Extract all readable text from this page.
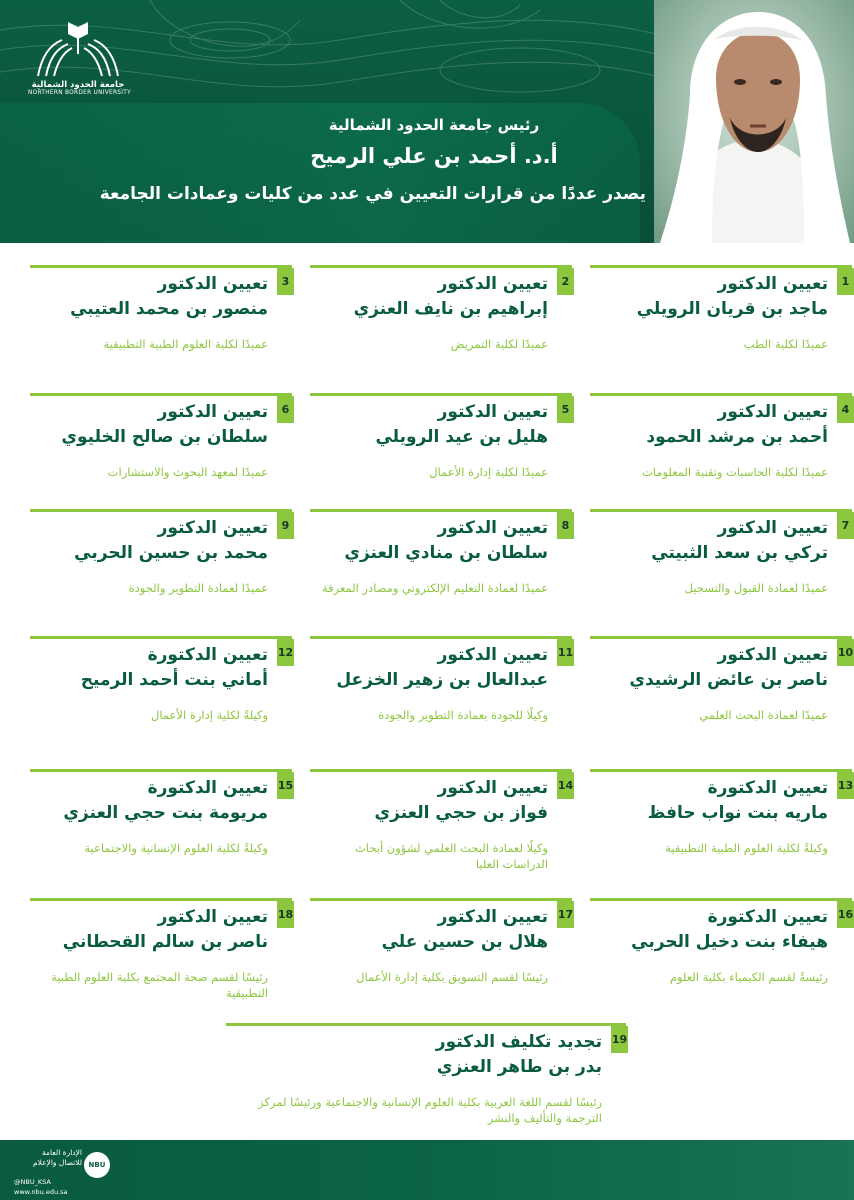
جامعة الحدود الشمالية
NORTHERN BORDER UNIVERSITY
رئيس جامعة الحدود الشمالية
أ.د. أحمد بن علي الرميح
يصدر عددًا من قرارات التعيين في عدد من كليات وعمادات الجامعة
1
تعيين الدكتور
ماجد بن قريان الرويلي
عميدًا لكلية الطب
2
تعيين الدكتور
إبراهيم بن نايف العنزي
عميدًا لكلية التمريض
3
تعيين الدكتور
منصور بن محمد العتيبي
عميدًا لكلية العلوم الطبية التطبيقية
4
تعيين الدكتور
أحمد بن مرشد الحمود
عميدًا لكلية الحاسبات وتقنية المعلومات
5
تعيين الدكتور
هليل بن عيد الرويلي
عميدًا لكلية إدارة الأعمال
6
تعيين الدكتور
سلطان بن صالح الخليوي
عميدًا لمعهد البحوث والاستشارات
7
تعيين الدكتور
تركي بن سعد الثبيتي
عميدًا لعمادة القبول والتسجيل
8
تعيين الدكتور
سلطان بن منادي العنزي
عميدًا لعمادة التعليم الإلكتروني ومصادر المعرفة
9
تعيين الدكتور
محمد بن حسين الحربي
عميدًا لعمادة التطوير والجودة
10
تعيين الدكتور
ناصر بن عائض الرشيدي
عميدًا لعمادة البحث العلمي
11
تعيين الدكتور
عبدالعال بن زهير الخزعل
وكيلًا للجودة بعمادة التطوير والجودة
12
تعيين الدكتورة
أماني بنت أحمد الرميح
وكيلةً لكلية إدارة الأعمال
13
تعيين الدكتورة
ماريه بنت نواب حافظ
وكيلةً لكلية العلوم الطبية التطبيقية
14
تعيين الدكتور
فواز بن حجي العنزي
وكيلًا لعمادة البحث العلمي لشؤون أبحاث الدراسات العليا
15
تعيين الدكتورة
مريومة بنت حجي العنزي
وكيلةً لكلية العلوم الإنسانية والاجتماعية
16
تعيين الدكتورة
هيفاء بنت دخيل الحربي
رئيسةً لقسم الكيمياء بكلية العلوم
17
تعيين الدكتور
هلال بن حسين علي
رئيسًا لقسم التسويق بكلية إدارة الأعمال
18
تعيين الدكتور
ناصر بن سالم القحطاني
رئيسًا لقسم صحة المجتمع بكلية العلوم الطبية التطبيقية
19
تجديد تكليف الدكتور
بدر بن طاهر العنزي
رئيسًا لقسم اللغة العربية بكلية العلوم الإنسانية والاجتماعية ورئيسًا لمركز الترجمة والتأليف والنشر
الإدارة العامة
للاتصال والإعلام NBU
@NBU_KSA
www.nbu.edu.sa
